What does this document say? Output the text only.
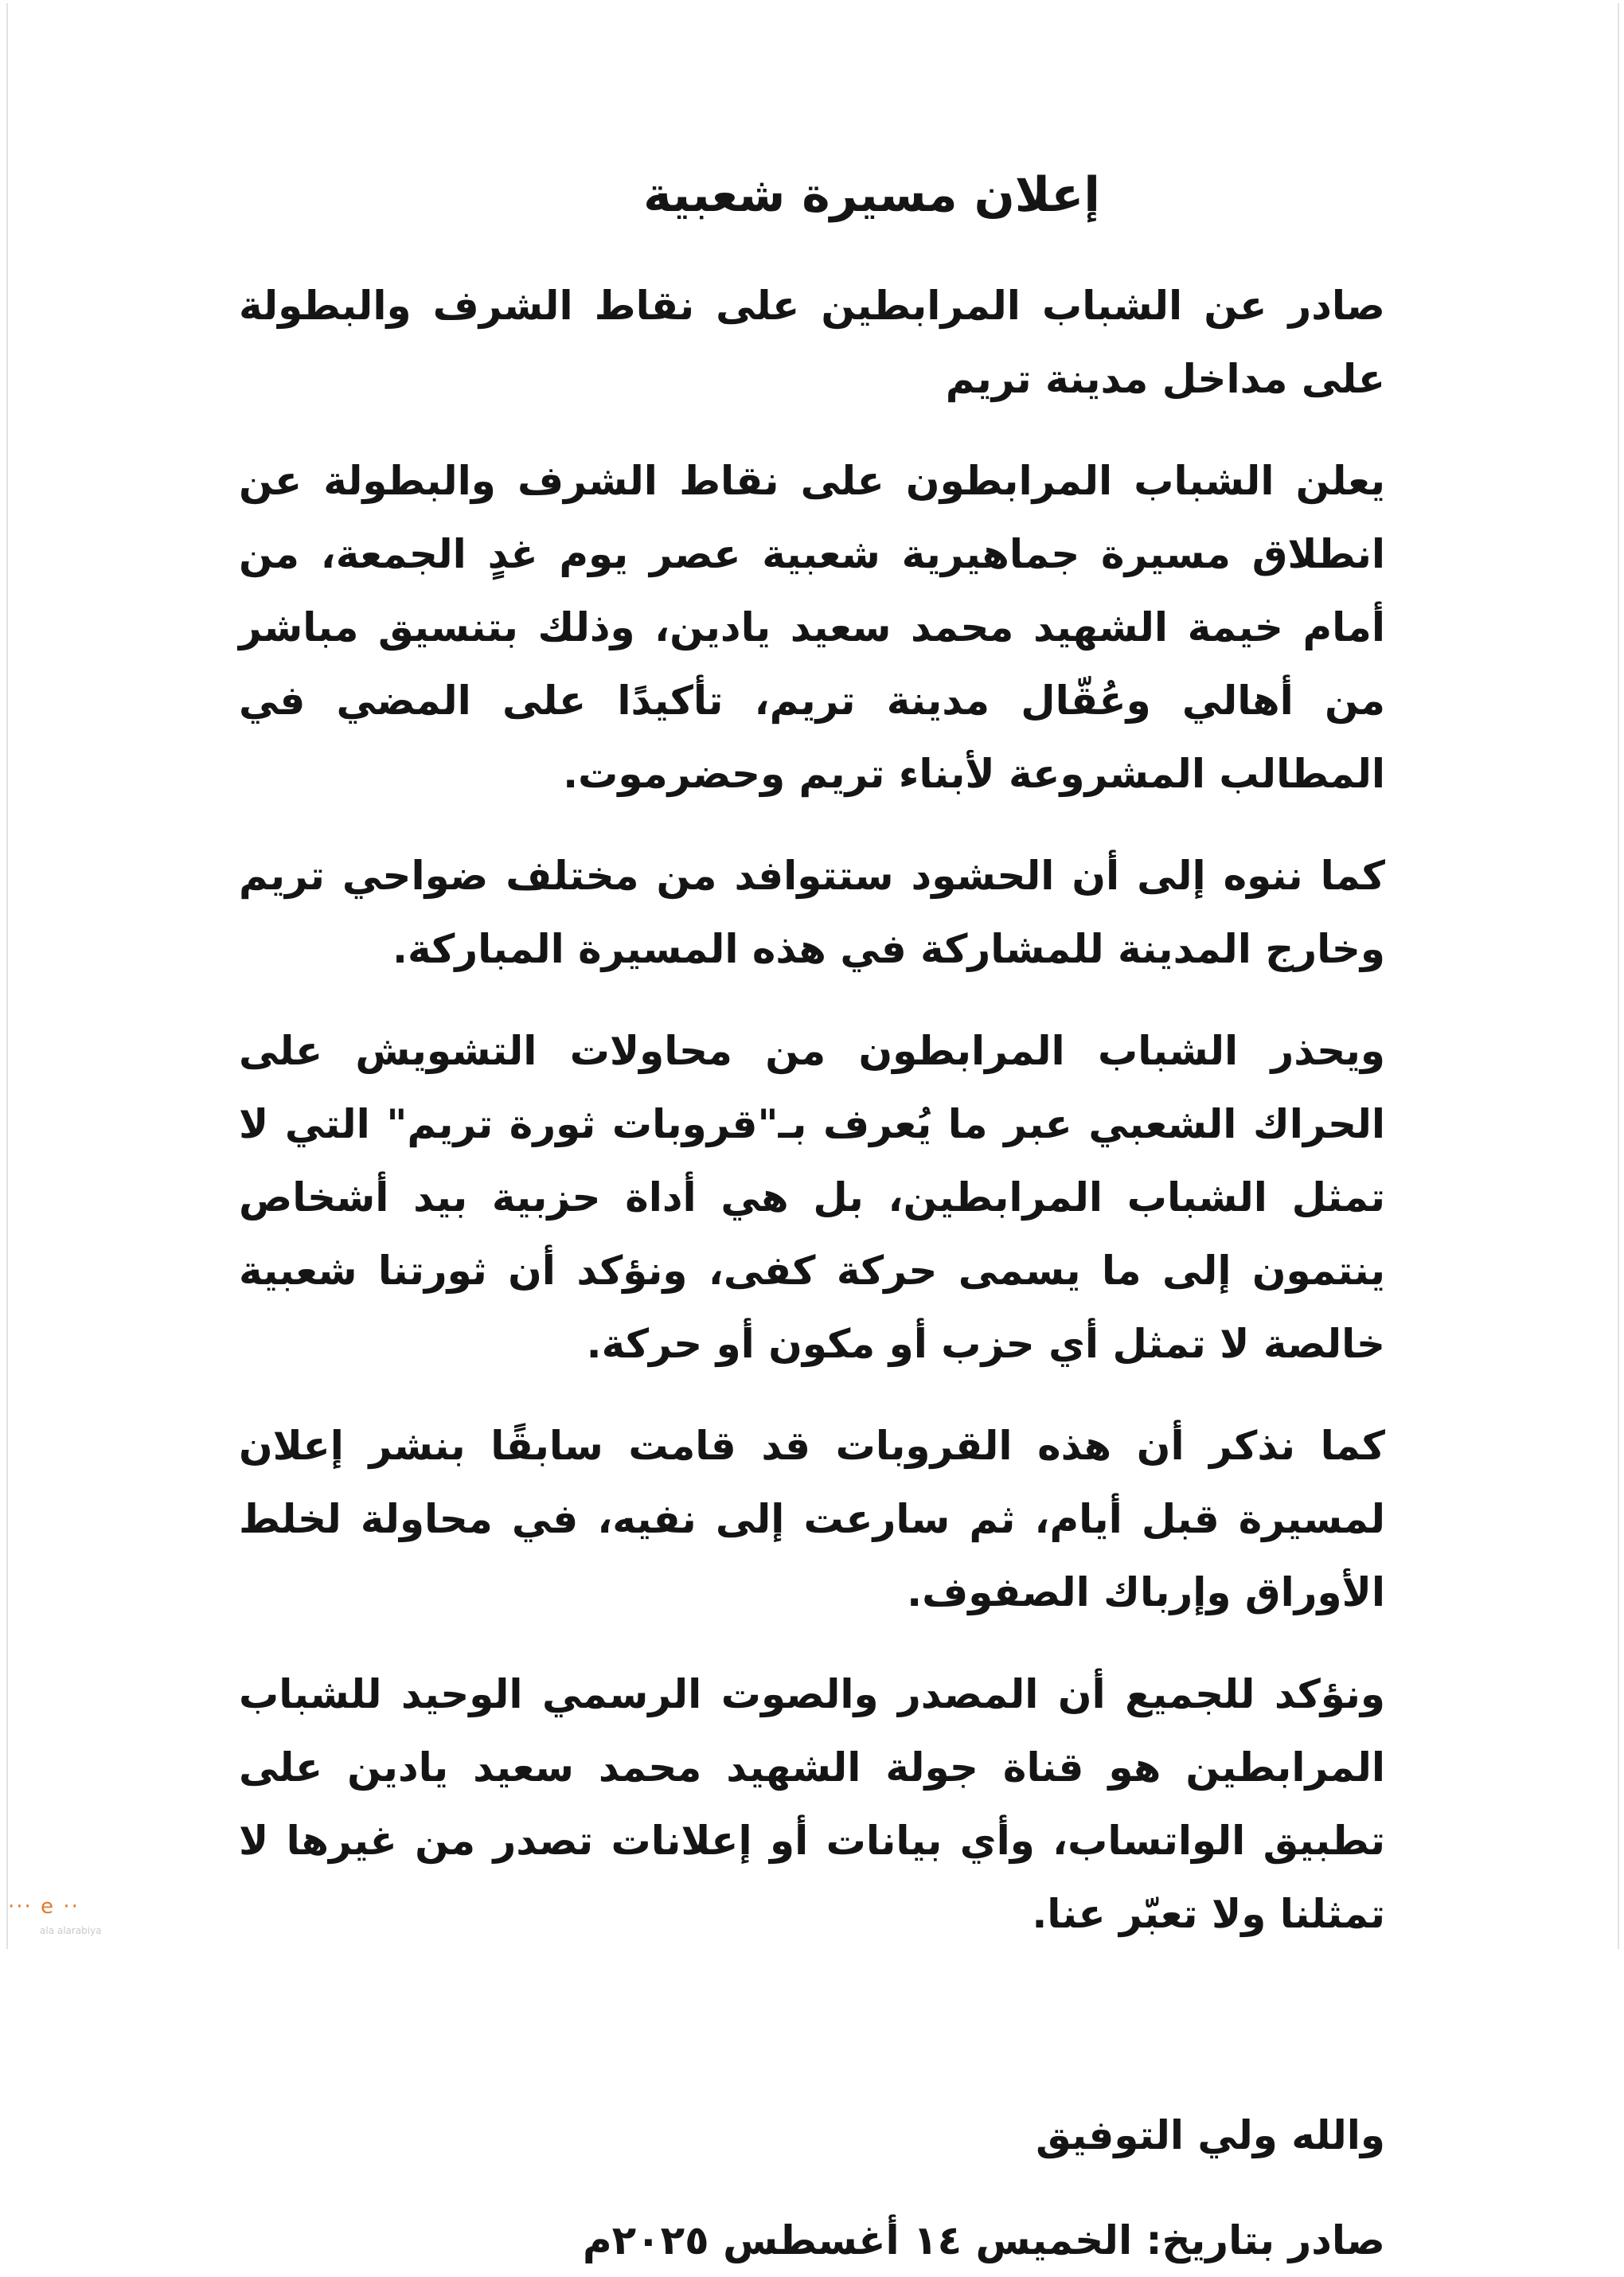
إعلان مسيرة شعبية

صادر عن الشباب المرابطين على نقاط الشرف والبطولة على مداخل مدينة تريم

يعلن الشباب المرابطون على نقاط الشرف والبطولة عن انطلاق مسيرة جماهيرية شعبية عصر يوم غدٍ الجمعة، من أمام خيمة الشهيد محمد سعيد يادين، وذلك بتنسيق مباشر من أهالي وعُقّال مدينة تريم، تأكيدًا على المضي في المطالب المشروعة لأبناء تريم وحضرموت.

كما ننوه إلى أن الحشود ستتوافد من مختلف ضواحي تريم وخارج المدينة للمشاركة في هذه المسيرة المباركة.

ويحذر الشباب المرابطون من محاولات التشويش على الحراك الشعبي عبر ما يُعرف بـ"قروبات ثورة تريم" التي لا تمثل الشباب المرابطين، بل هي أداة حزبية بيد أشخاص ينتمون إلى ما يسمى حركة كفى، ونؤكد أن ثورتنا شعبية خالصة لا تمثل أي حزب أو مكون أو حركة.

كما نذكر أن هذه القروبات قد قامت سابقًا بنشر إعلان لمسيرة قبل أيام، ثم سارعت إلى نفيه، في محاولة لخلط الأوراق وإرباك الصفوف.

ونؤكد للجميع أن المصدر والصوت الرسمي الوحيد للشباب المرابطين هو قناة جولة الشهيد محمد سعيد يادين على تطبيق الواتساب، وأي بيانات أو إعلانات تصدر من غيرها لا تمثلنا ولا تعبّر عنا.

والله ولي التوفيق

صادر بتاريخ: الخميس ١٤ أغسطس ٢٠٢٥م

··· e ··
ala alarabiya
